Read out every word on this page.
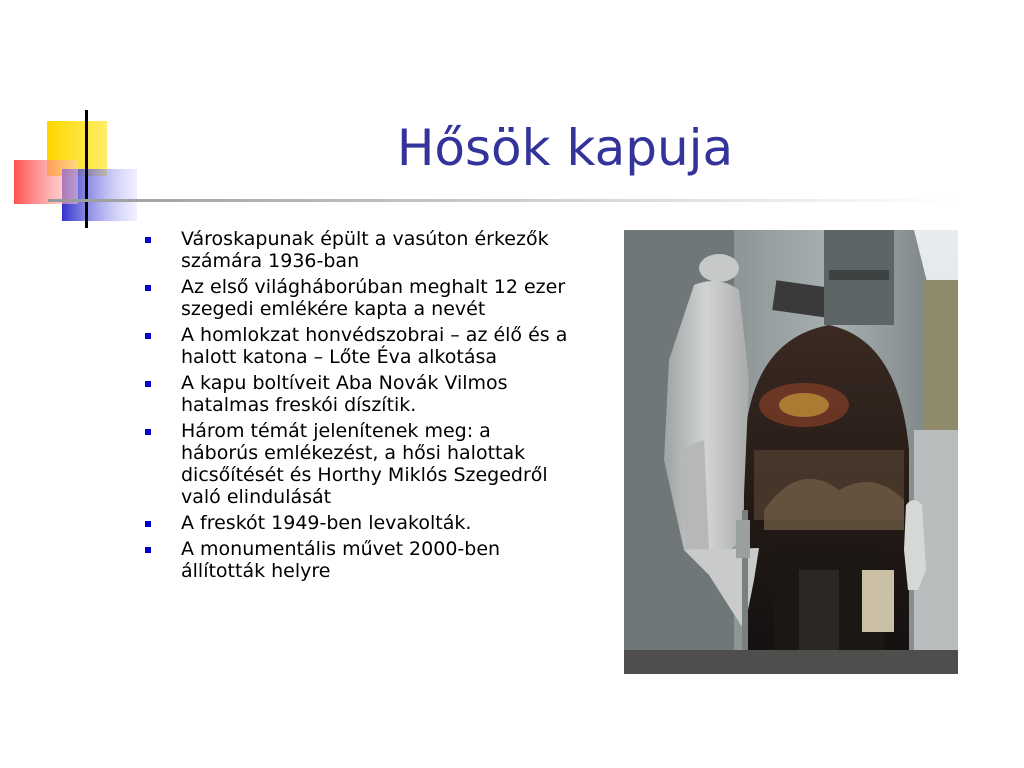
Hősök kapuja
Városkapunak épült a vasúton érkezők számára 1936-ban
Az első világháborúban meghalt 12 ezer szegedi emlékére kapta a nevét
A homlokzat honvédszobrai – az élő és a halott katona – Lőte Éva alkotása
A kapu boltíveit Aba Novák Vilmos hatalmas freskói díszítik.
Három témát jelenítenek meg: a háborús emlékezést, a hősi halottak dicsőítését és Horthy Miklós Szegedről való elindulását
A freskót 1949-ben levakolták.
A monumentális művet 2000-ben állították helyre
